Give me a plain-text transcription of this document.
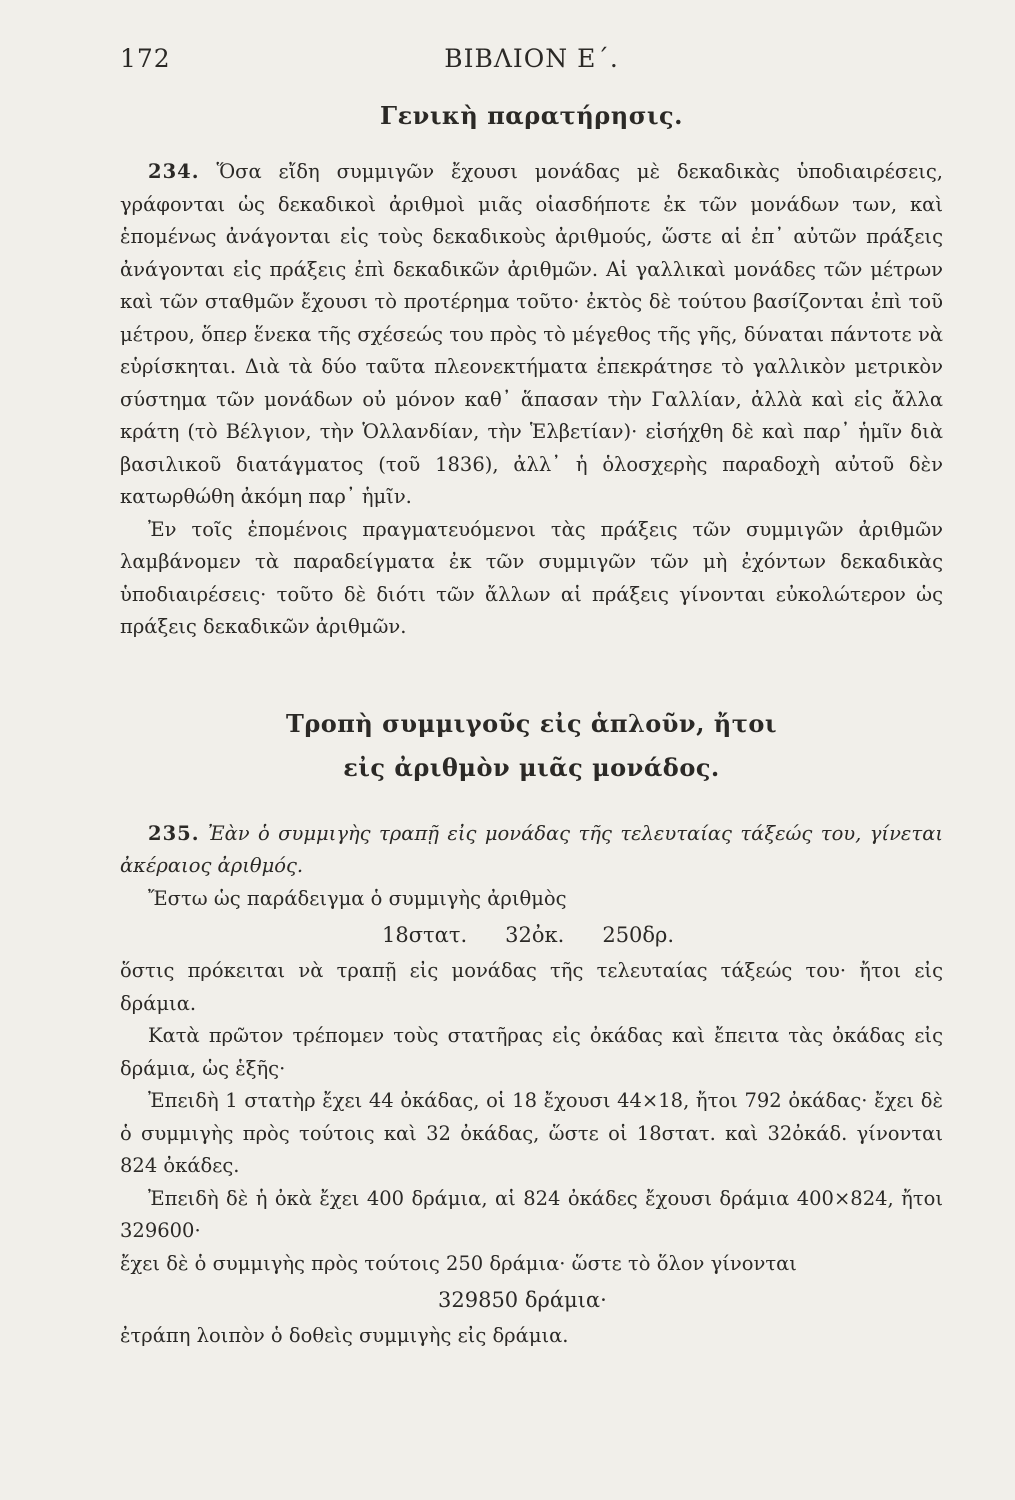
172	ΒΙΒΛΙΟΝ Ε΄.
Γενικὴ παρατήρησις.

234. Ὅσα εἴδη συμμιγῶν ἔχουσι μονάδας μὲ δεκαδικὰς ὑποδιαιρέσεις, γράφονται ὡς δεκαδικοὶ ἀριθμοὶ μιᾶς οἱασδήποτε ἐκ τῶν μονάδων των, καὶ ἑπομένως ἀνάγονται εἰς τοὺς δεκαδικοὺς ἀριθμούς, ὥστε αἱ ἐπ᾿ αὐτῶν πράξεις ἀνάγονται εἰς πράξεις ἐπὶ δεκαδικῶν ἀριθμῶν. Αἱ γαλλικαὶ μονάδες τῶν μέτρων καὶ τῶν σταθμῶν ἔχουσι τὸ προτέρημα τοῦτο· ἐκτὸς δὲ τούτου βασίζονται ἐπὶ τοῦ μέτρου, ὅπερ ἕνεκα τῆς σχέσεώς του πρὸς τὸ μέγεθος τῆς γῆς, δύναται πάντοτε νὰ εὑρίσκηται. Διὰ τὰ δύο ταῦτα πλεονεκτήματα ἐπεκράτησε τὸ γαλλικὸν μετρικὸν σύστημα τῶν μονάδων οὐ μόνον καθ᾿ ἅπασαν τὴν Γαλλίαν, ἀλλὰ καὶ εἰς ἄλλα κράτη (τὸ Βέλγιον, τὴν Ὁλλανδίαν, τὴν Ἑλβετίαν)· εἰσήχθη δὲ καὶ παρ᾿ ἡμῖν διὰ βασιλικοῦ διατάγματος (τοῦ 1836), ἀλλ᾿ ἡ ὁλοσχερὴς παραδοχὴ αὐτοῦ δὲν κατωρθώθη ἀκόμη παρ᾿ ἡμῖν.

Ἐν τοῖς ἑπομένοις πραγματευόμενοι τὰς πράξεις τῶν συμμιγῶν ἀριθμῶν λαμβάνομεν τὰ παραδείγματα ἐκ τῶν συμμιγῶν τῶν μὴ ἐχόντων δεκαδικὰς ὑποδιαιρέσεις· τοῦτο δὲ διότι τῶν ἄλλων αἱ πράξεις γίνονται εὐκολώτερον ὡς πράξεις δεκαδικῶν ἀριθμῶν.

Τροπὴ συμμιγοῦς εἰς ἁπλοῦν, ἤτοι
εἰς ἀριθμὸν μιᾶς μονάδος.

235. Ἐὰν ὁ συμμιγὴς τραπῇ εἰς μονάδας τῆς τελευταίας τάξεώς του, γίνεται ἀκέραιος ἀριθμός.

Ἔστω ὡς παράδειγμα ὁ συμμιγὴς ἀριθμὸς

18στατ. 32ὀκ. 250δρ.

ὅστις πρόκειται νὰ τραπῇ εἰς μονάδας τῆς τελευταίας τάξεώς του· ἤτοι εἰς δράμια.

Κατὰ πρῶτον τρέπομεν τοὺς στατῆρας εἰς ὀκάδας καὶ ἔπειτα τὰς ὀκάδας εἰς δράμια, ὡς ἑξῆς·

Ἐπειδὴ 1 στατὴρ ἔχει 44 ὀκάδας, οἱ 18 ἔχουσι 44×18, ἤτοι 792 ὀκάδας· ἔχει δὲ ὁ συμμιγὴς πρὸς τούτοις καὶ 32 ὀκάδας, ὥστε οἱ 18στατ. καὶ 32ὀκάδ. γίνονται 824 ὀκάδες.

Ἐπειδὴ δὲ ἡ ὀκὰ ἔχει 400 δράμια, αἱ 824 ὀκάδες ἔχουσι δράμια 400×824, ἤτοι 329600·

ἔχει δὲ ὁ συμμιγὴς πρὸς τούτοις 250 δράμια· ὥστε τὸ ὅλον γίνονται

329850 δράμια·

ἐτράπη λοιπὸν ὁ δοθεὶς συμμιγὴς εἰς δράμια.
